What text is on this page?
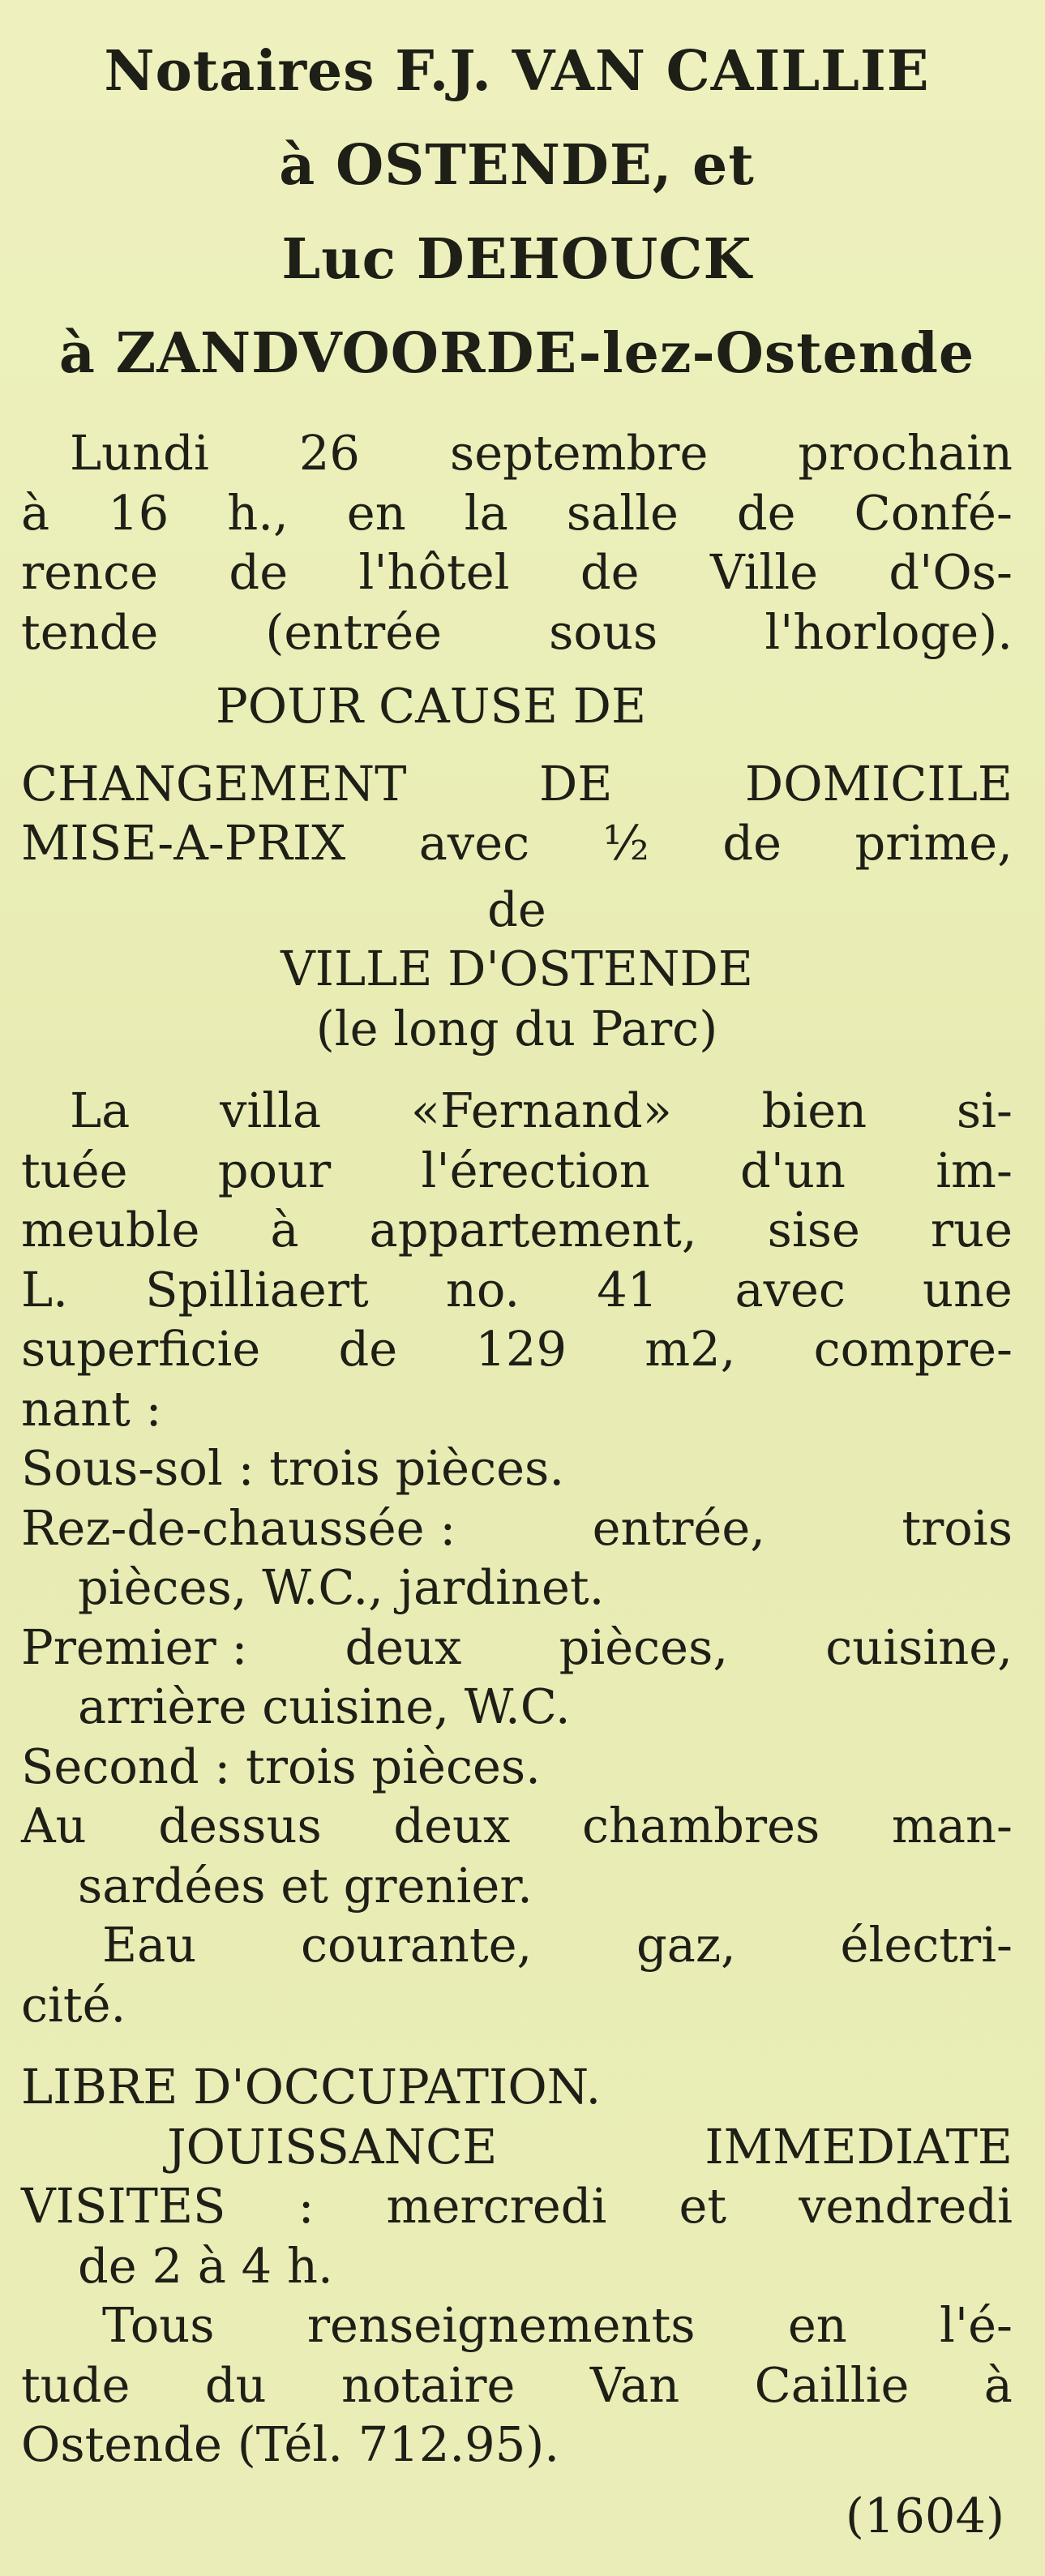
Notaires F.J. VAN CAILLIE
à OSTENDE, et
Luc DEHOUCK
à ZANDVOORDE-lez-Ostende
Lundi 26 septembre prochain
à 16 h., en la salle de Confé-
rence de l'hôtel de Ville d'Os-
tende (entrée sous l'horloge).
POUR CAUSE DE
CHANGEMENT	DE	DOMICILE
MISE-A-PRIX avec ½ de prime,
de
VILLE D'OSTENDE
(le long du Parc)
La villa «Fernand» bien si-
tuée pour l'érection d'un im-
meuble à appartement, sise rue
L. Spilliaert no. 41 avec une
superficie de 129 m2, compre-
nant :
Sous-sol : trois pièces.
Rez-de-chaussée :	entrée,	trois
pièces, W.C., jardinet.
Premier : deux pièces, cuisine,
arrière cuisine, W.C.
Second : trois pièces.
Au dessus deux chambres man-
sardées et grenier.
Eau courante, gaz, électri-
cité.
LIBRE D'OCCUPATION.
JOUISSANCE	IMMEDIATE
VISITES : mercredi et vendredi
de 2 à 4 h.
Tous renseignements en l'é-
tude du notaire Van Caillie à
Ostende (Tél. 712.95).
(1604)
